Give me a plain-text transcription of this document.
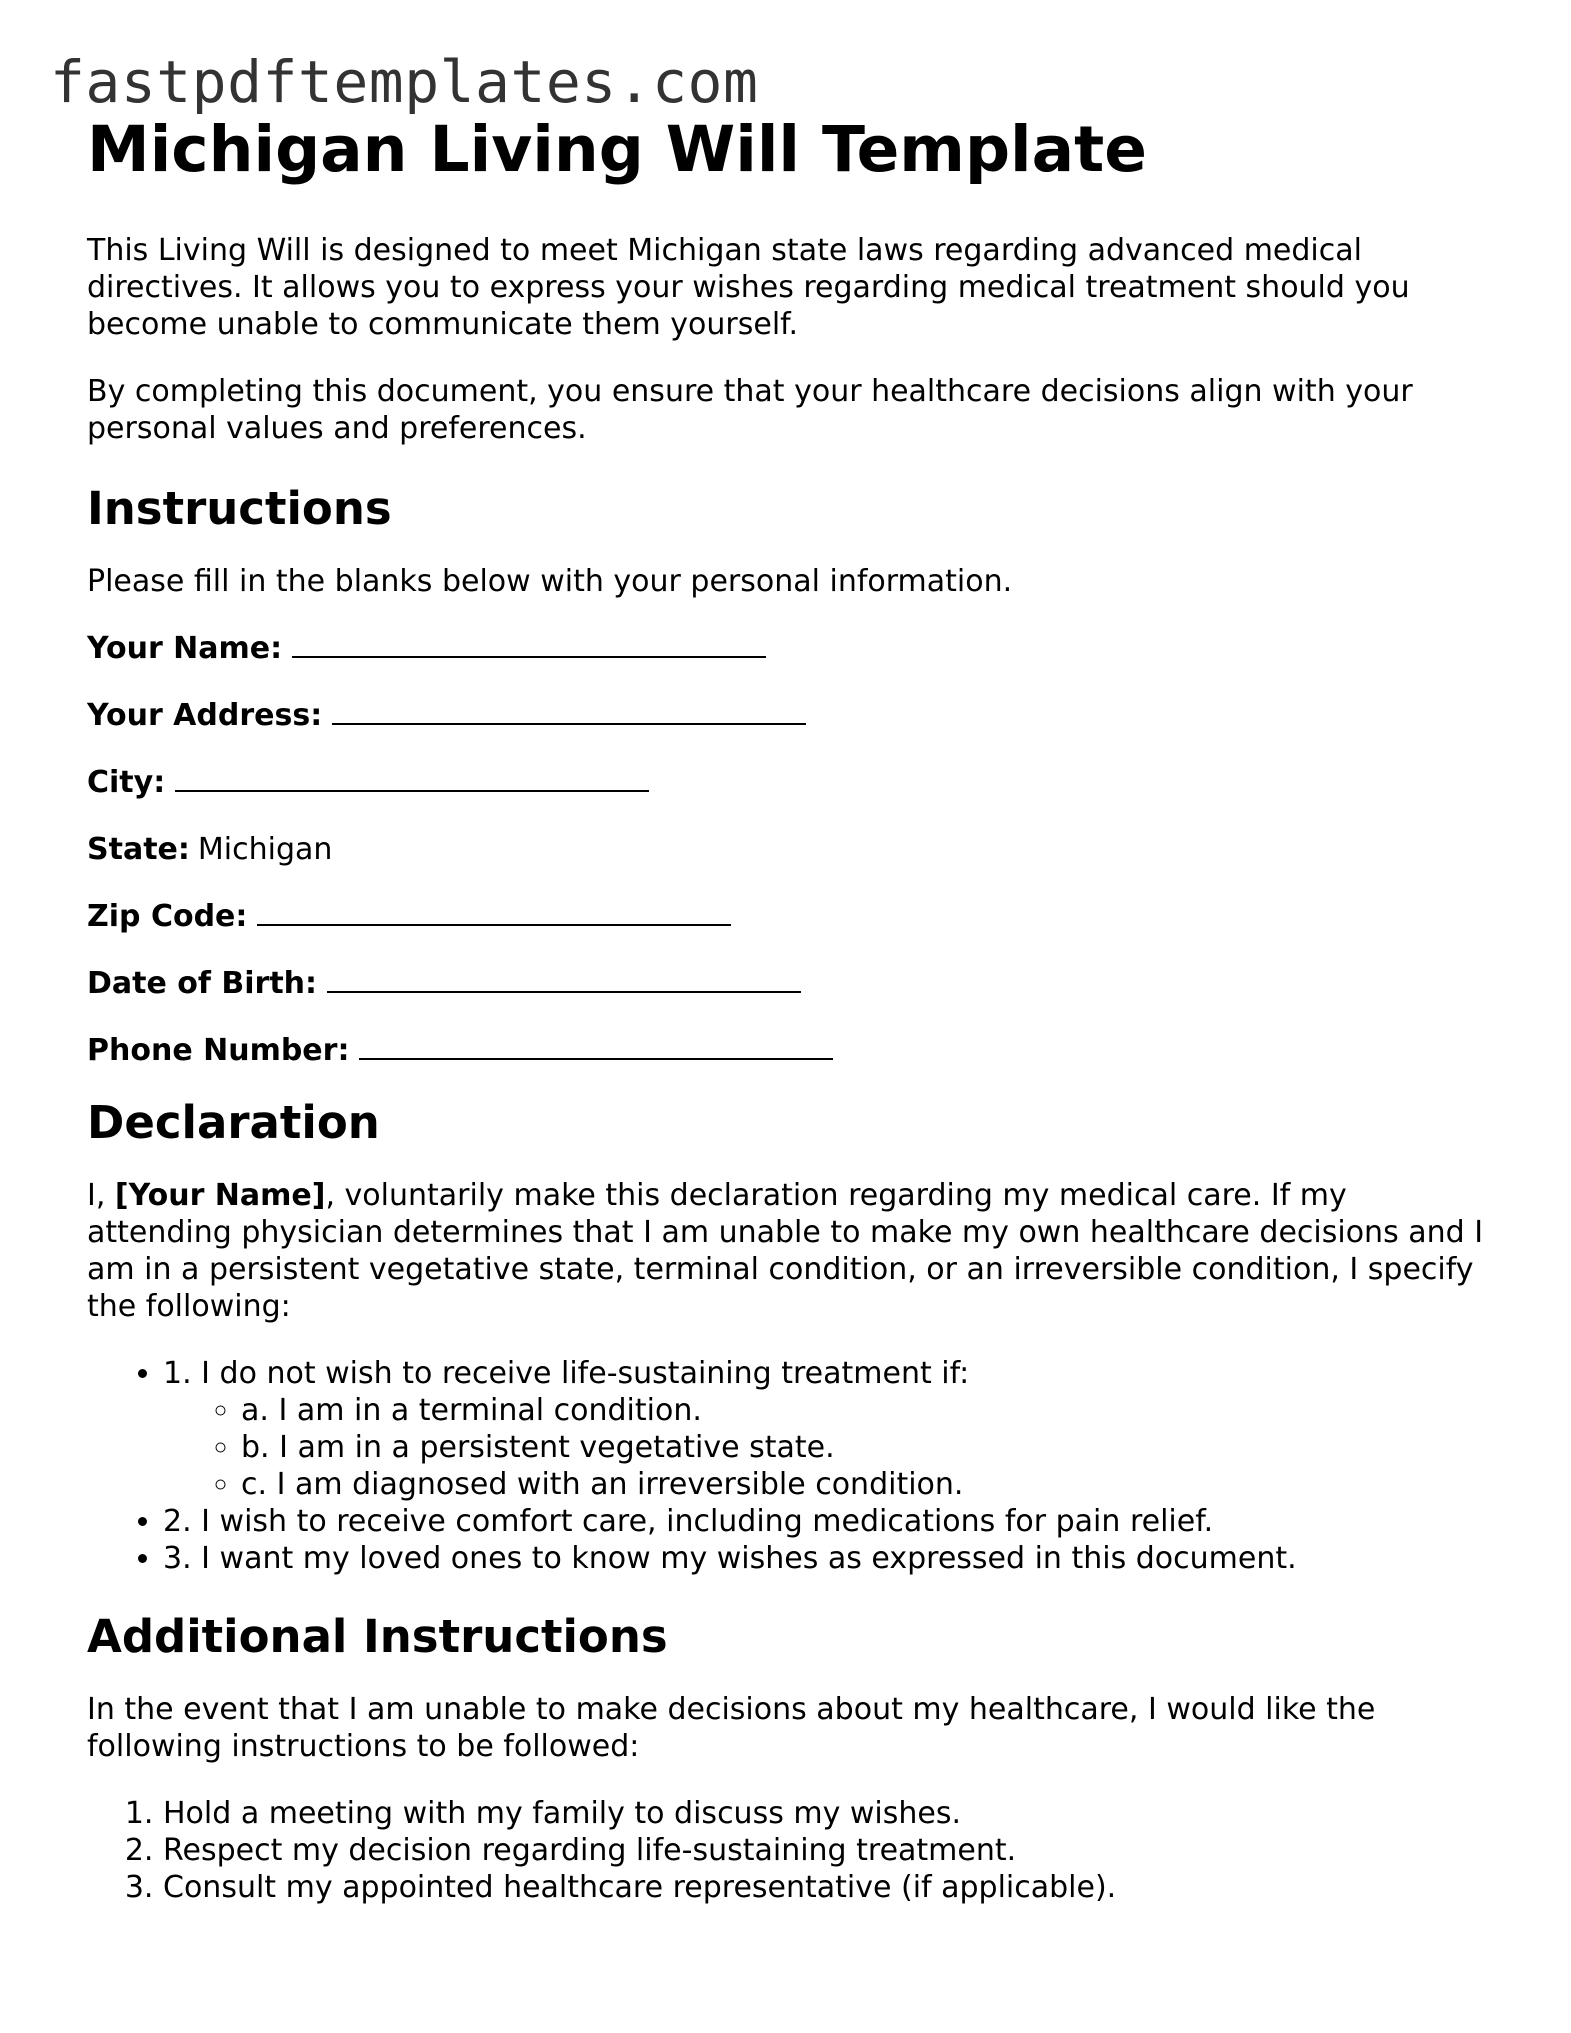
fastpdftemplates.com
Michigan Living Will Template

This Living Will is designed to meet Michigan state laws regarding advanced medical directives. It allows you to express your wishes regarding medical treatment should you become unable to communicate them yourself.

By completing this document, you ensure that your healthcare decisions align with your personal values and preferences.

Instructions

Please fill in the blanks below with your personal information.

Your Name:

Your Address:

City:

State: Michigan

Zip Code:

Date of Birth:

Phone Number:

Declaration

I, [Your Name], voluntarily make this declaration regarding my medical care. If my attending physician determines that I am unable to make my own healthcare decisions and I am in a persistent vegetative state, terminal condition, or an irreversible condition, I specify the following:

• 1. I do not wish to receive life-sustaining treatment if:
◦ a. I am in a terminal condition.
◦ b. I am in a persistent vegetative state.
◦ c. I am diagnosed with an irreversible condition.
• 2. I wish to receive comfort care, including medications for pain relief.
• 3. I want my loved ones to know my wishes as expressed in this document.
Additional Instructions

In the event that I am unable to make decisions about my healthcare, I would like the following instructions to be followed:

1. Hold a meeting with my family to discuss my wishes.
2. Respect my decision regarding life-sustaining treatment.
3. Consult my appointed healthcare representative (if applicable).
